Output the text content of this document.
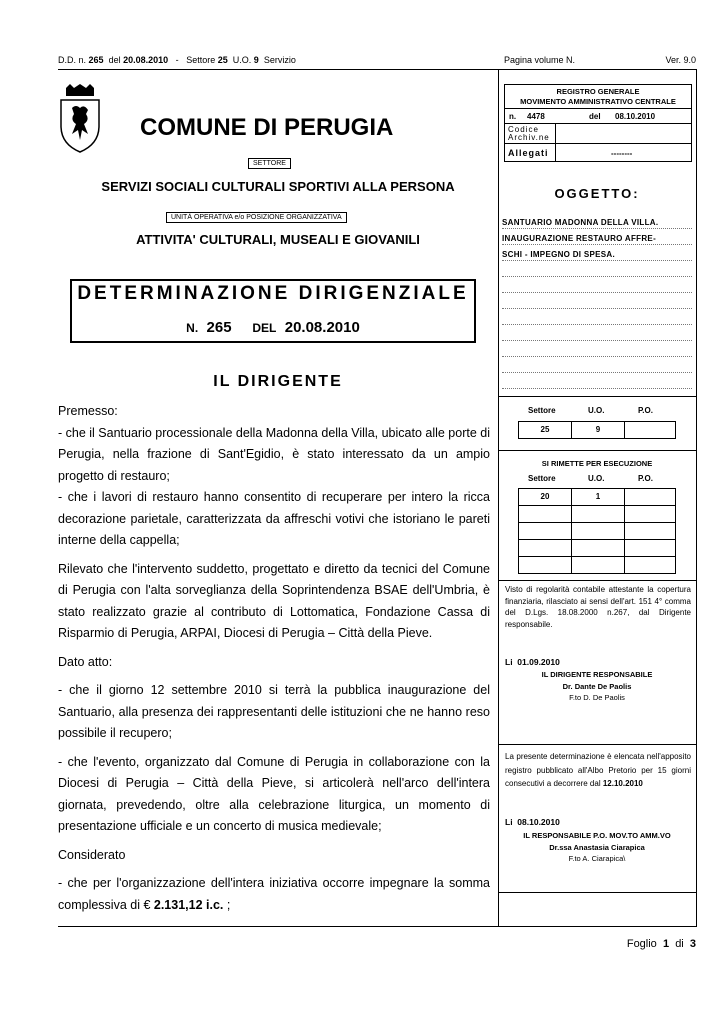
D.D. n. 265 del 20.08.2010 - Settore 25 U.O. 9 Servizio	Pagina volume N.	Ver. 9.0
COMUNE DI PERUGIA
SETTORE
SERVIZI SOCIALI CULTURALI SPORTIVI ALLA PERSONA
UNITÀ OPERATIVA e/o POSIZIONE ORGANIZZATIVA
ATTIVITA' CULTURALI, MUSEALI E GIOVANILI
DETERMINAZIONE DIRIGENZIALE
N. 265 DEL 20.08.2010
IL DIRIGENTE

Premesso:

- che il Santuario processionale della Madonna della Villa, ubicato alle porte di Perugia, nella frazione di Sant'Egidio, è stato interessato da un ampio progetto di restauro;

- che i lavori di restauro hanno consentito di recuperare per intero la ricca decorazione parietale, caratterizzata da affreschi votivi che istoriano le pareti interne della cappella;

Rilevato che l'intervento suddetto, progettato e diretto da tecnici del Comune di Perugia con l'alta sorveglianza della Soprintendenza BSAE dell'Umbria, è stato realizzato grazie al contributo di Lottomatica, Fondazione Cassa di Risparmio di Perugia, ARPAI, Diocesi di Perugia – Città della Pieve.

Dato atto:

- che il giorno 12 settembre 2010 si terrà la pubblica inaugurazione del Santuario, alla presenza dei rappresentanti delle istituzioni che ne hanno reso possibile il recupero;

- che l'evento, organizzato dal Comune di Perugia in collaborazione con la Diocesi di Perugia – Città della Pieve, si articolerà nell'arco dell'intera giornata, prevedendo, oltre alla celebrazione liturgica, un momento di presentazione ufficiale e un concerto di musica medievale;

Considerato

- che per l'organizzazione dell'intera iniziativa occorre impegnare la somma complessiva di € 2.131,12 i.c. ;

REGISTRO GENERALE
MOVIMENTO AMMINISTRATIVO CENTRALE
n. 4478	del 08.10.2010
Codice
Archiv.ne
Allegati	--------
OGGETTO:
SANTUARIO MADONNA DELLA VILLA.
INAUGURAZIONE RESTAURO AFFRE-
SCHI - IMPEGNO DI SPESA.
Settore	U.O.	P.O.
25	9
SI RIMETTE PER ESECUZIONE
Settore	U.O.	P.O.
20	1
Visto di regolarità contabile attestante la copertura finanziaria, rilasciato ai sensi dell'art. 151 4° comma del D.Lgs. 18.08.2000 n.267, dal Dirigente responsabile.
Li 01.09.2010
IL DIRIGENTE RESPONSABILE
Dr. Dante De Paolis
F.to D. De Paolis
La presente determinazione è elencata nell'apposito registro pubblicato all'Albo Pretorio per 15 giorni consecutivi a decorrere dal 12.10.2010
Li 08.10.2010
IL RESPONSABILE P.O. MOV.TO AMM.VO
Dr.ssa Anastasia Ciarapica
F.to A. Ciarapica\
Foglio 1 di 3
